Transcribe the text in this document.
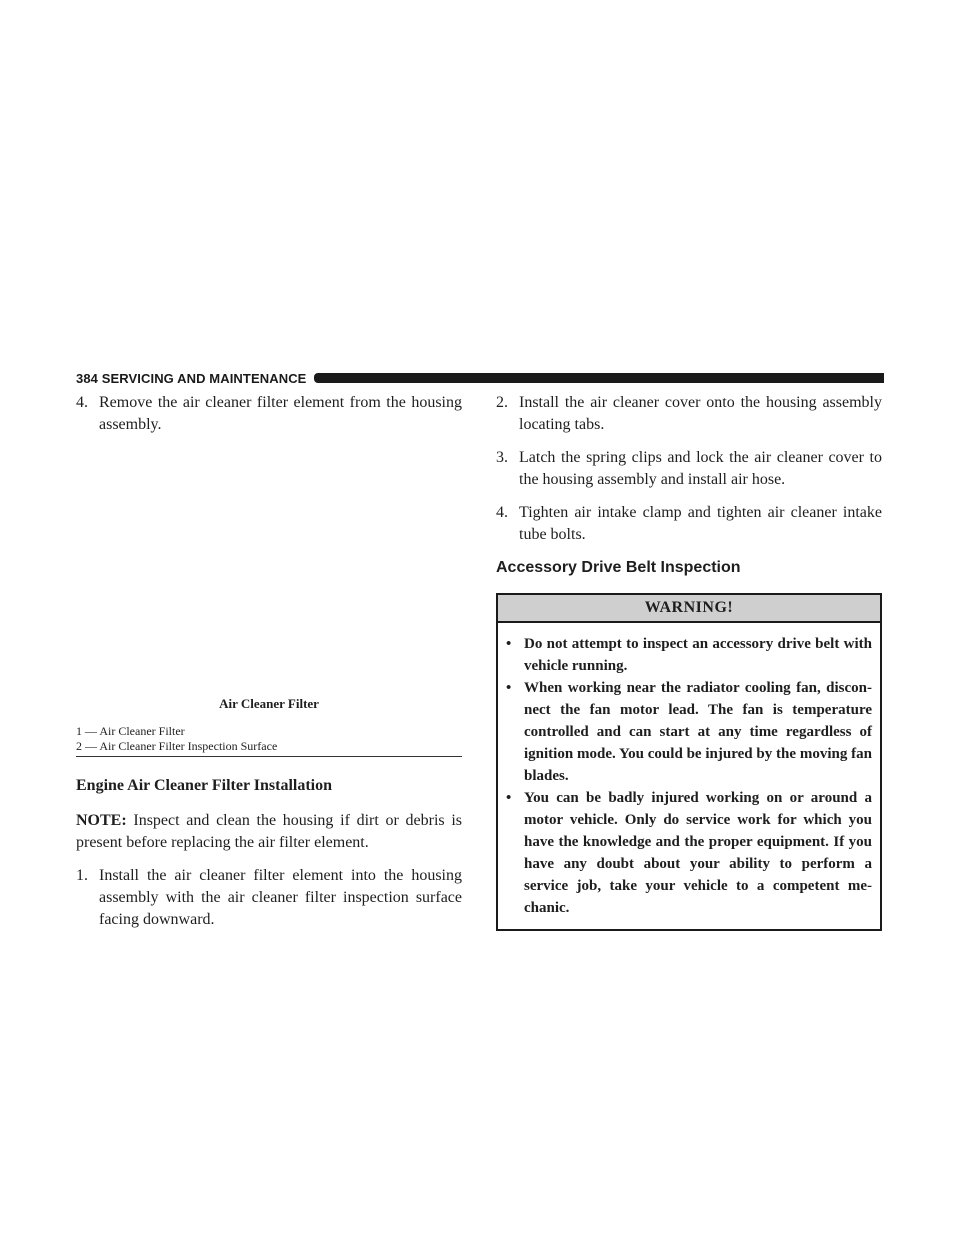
384 SERVICING AND MAINTENANCE

4. Remove the air cleaner filter element from the housing assembly.

Air Cleaner Filter

1 — Air Cleaner Filter
2 — Air Cleaner Filter Inspection Surface

Engine Air Cleaner Filter Installation

NOTE: Inspect and clean the housing if dirt or debris is present before replacing the air filter element.

1. Install the air cleaner filter element into the housing assembly with the air cleaner filter inspection surface facing downward.

2. Install the air cleaner cover onto the housing assembly locating tabs.

3. Latch the spring clips and lock the air cleaner cover to the housing assembly and install air hose.

4. Tighten air intake clamp and tighten air cleaner intake tube bolts.

Accessory Drive Belt Inspection

WARNING!

• Do not attempt to inspect an accessory drive belt with vehicle running.

• When working near the radiator cooling fan, discon-nect the fan motor lead. The fan is temperature controlled and can start at any time regardless of ignition mode. You could be injured by the moving fan blades.

• You can be badly injured working on or around a motor vehicle. Only do service work for which you have the knowledge and the proper equipment. If you have any doubt about your ability to perform a service job, take your vehicle to a competent me-chanic.
